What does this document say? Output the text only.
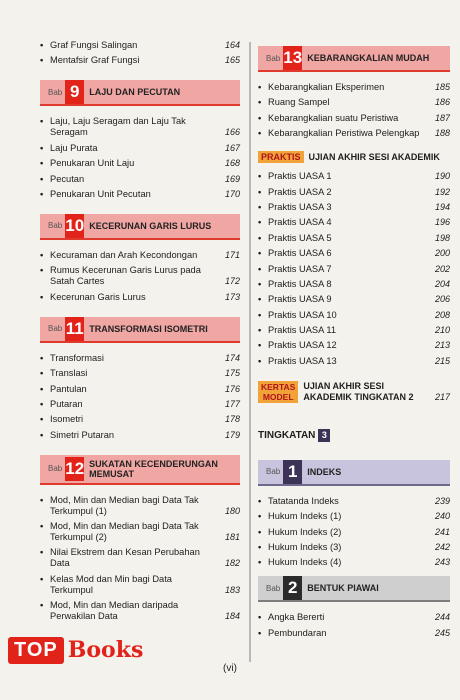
• Graf Fungsi Salingan	164
• Mentafsir Graf Fungsi	165
Bab 9	LAJU DAN PECUTAN
• Laju, Laju Seragam dan Laju Tak Seragam	166
• Laju Purata	167
• Penukaran Unit Laju	168
• Pecutan	169
• Penukaran Unit Pecutan	170
Bab 10 KECERUNAN GARIS LURUS
• Kecuraman dan Arah Kecondongan	171
• Rumus Kecerunan Garis Lurus pada Satah Cartes	172
• Kecerunan Garis Lurus	173
Bab 11 TRANSFORMASI ISOMETRI
• Transformasi	174
• Translasi	175
• Pantulan	176
• Putaran	177
• Isometri	178
• Simetri Putaran	179
Bab 12 SUKATAN KECENDERUNGAN MEMUSAT
• Mod, Min dan Median bagi Data Tak Terkumpul (1)	180
• Mod, Min dan Median bagi Data Tak Terkumpul (2)	181
• Nilai Ekstrem dan Kesan Perubahan Data	182
• Kelas Mod dan Min bagi Data Terkumpul	183
• Mod, Min dan Median daripada Perwakilan Data	184
Bab 13 KEBARANGKALIAN MUDAH
• Kebarangkalian Eksperimen	185
• Ruang Sampel	186
• Kebarangkalian suatu Peristiwa	187
• Kebarangkalian Peristiwa Pelengkap	188
PRAKTIS UJIAN AKHIR SESI AKADEMIK
• Praktis UASA 1	190
• Praktis UASA 2	192
• Praktis UASA 3	194
• Praktis UASA 4	196
• Praktis UASA 5	198
• Praktis UASA 6	200
• Praktis UASA 7	202
• Praktis UASA 8	204
• Praktis UASA 9	206
• Praktis UASA 10	208
• Praktis UASA 11	210
• Praktis UASA 12	213
• Praktis UASA 13	215
KERTAS
MODEL
UJIAN AKHIR SESI AKADEMIK TINGKATAN 2	217
TINGKATAN 3
Bab 1	INDEKS
• Tatatanda Indeks	239
• Hukum Indeks (1)	240
• Hukum Indeks (2)	241
• Hukum Indeks (3)	242
• Hukum Indeks (4)	243
Bab 2	BENTUK PIAWAI
• Angka Bererti	244
• Pembundaran	245
TOP Books
(vi)
